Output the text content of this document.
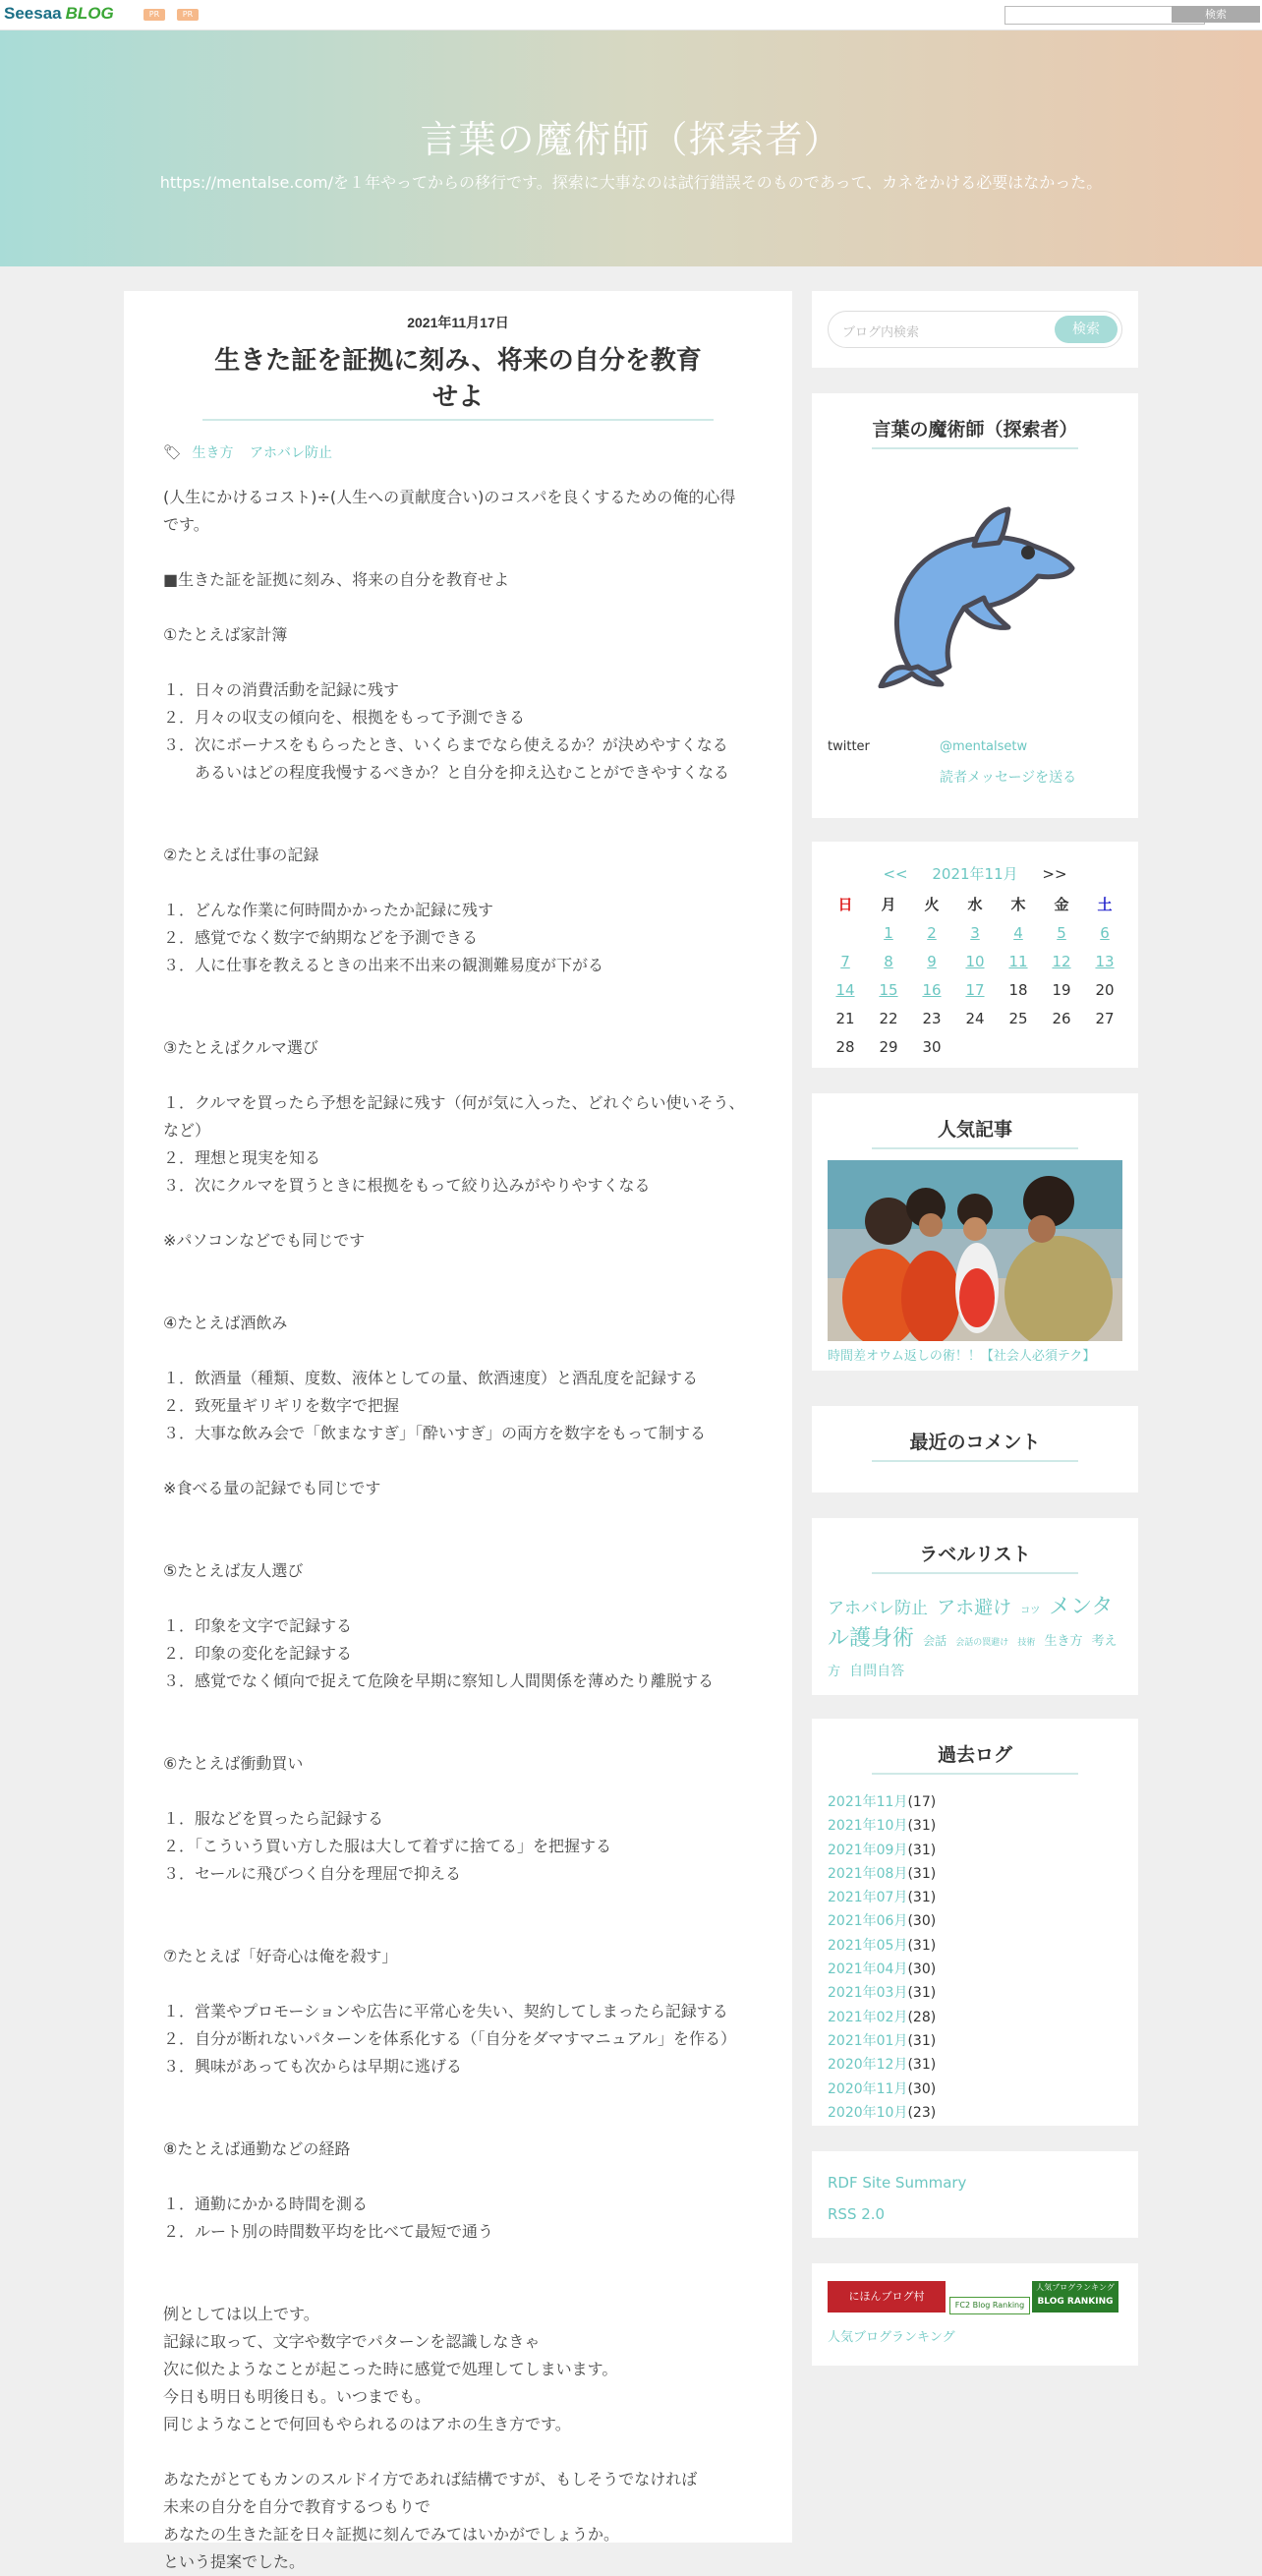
Seesaa BLOG	PR	PR	検索
言葉の魔術師（探索者）
https://mentalse.com/を１年やってからの移行です。探索に大事なのは試行錯誤そのものであって、カネをかける必要はなかった。
2021年11月17日
生きた証を証拠に刻み、将来の自分を教育せよ
🏷︎ 生き方 アホバレ防止

(人生にかけるコスト)÷(人生への貢献度合い)のコスパを良くするための俺的心得です。

■生きた証を証拠に刻み、将来の自分を教育せよ

①たとえば家計簿

１．日々の消費活動を記録に残す

２．月々の収支の傾向を、根拠をもって予測できる

３．次にボーナスをもらったとき、いくらまでなら使えるか？が決めやすくなる

あるいはどの程度我慢するべきか？と自分を抑え込むことができやすくなる

②たとえば仕事の記録

１．どんな作業に何時間かかったか記録に残す

２．感覚でなく数字で納期などを予測できる

３．人に仕事を教えるときの出来不出来の観測難易度が下がる

③たとえばクルマ選び

１．クルマを買ったら予想を記録に残す（何が気に入った、どれぐらい使いそう、など）

２．理想と現実を知る

３．次にクルマを買うときに根拠をもって絞り込みがやりやすくなる

※パソコンなどでも同じです

④たとえば酒飲み

１．飲酒量（種類、度数、液体としての量、飲酒速度）と酒乱度を記録する

２．致死量ギリギリを数字で把握

３．大事な飲み会で「飲まなすぎ」「酔いすぎ」の両方を数字をもって制する

※食べる量の記録でも同じです

⑤たとえば友人選び

１．印象を文字で記録する

２．印象の変化を記録する

３．感覚でなく傾向で捉えて危険を早期に察知し人間関係を薄めたり離脱する

⑥たとえば衝動買い

１．服などを買ったら記録する

２．「こういう買い方した服は大して着ずに捨てる」を把握する

３．セールに飛びつく自分を理屈で抑える

⑦たとえば「好奇心は俺を殺す」

１．営業やプロモーションや広告に平常心を失い、契約してしまったら記録する

２．自分が断れないパターンを体系化する（「自分をダマすマニュアル」を作る）

３．興味があっても次からは早期に逃げる

⑧たとえば通勤などの経路

１．通勤にかかる時間を測る

２．ルート別の時間数平均を比べて最短で通う

例としては以上です。

記録に取って、文字や数字でパターンを認識しなきゃ

次に似たようなことが起こった時に感覚で処理してしまいます。

今日も明日も明後日も。いつまでも。

同じようなことで何回もやられるのはアホの生き方です。

あなたがとてもカンのスルドイ方であれば結構ですが、もしそうでなければ

未来の自分を自分で教育するつもりで

あなたの生きた証を日々証拠に刻んでみてはいかがでしょうか。

という提案でした。

ブログ内検索	検索
言葉の魔術師（探索者）
twitter	@mentalsetw
読者メッセージを送る
<< 2021年11月 >>
日	月	火	水	木	金	土
	1	2	3	4	5	6
7	8	9	10	11	12	13
14	15	16	17	18	19	20
21	22	23	24	25	26	27
28	29	30				
人気記事
時間差オウム返しの術！！【社会人必須テク】
最近のコメント
ラベルリスト
アホバレ防止 アホ避け コツ メンタル護身術 会話 会話の罠避け 技術 生き方 考え方 自問自答
過去ログ
2021年11月(17)
2021年10月(31)
2021年09月(31)
2021年08月(31)
2021年07月(31)
2021年06月(30)
2021年05月(31)
2021年04月(30)
2021年03月(31)
2021年02月(28)
2021年01月(31)
2020年12月(31)
2020年11月(30)
2020年10月(23)
RDF Site Summary
RSS 2.0
にほんブログ村
FC2 Blog Ranking
人気ブログランキング
BLOG RANKING
人気ブログランキング
